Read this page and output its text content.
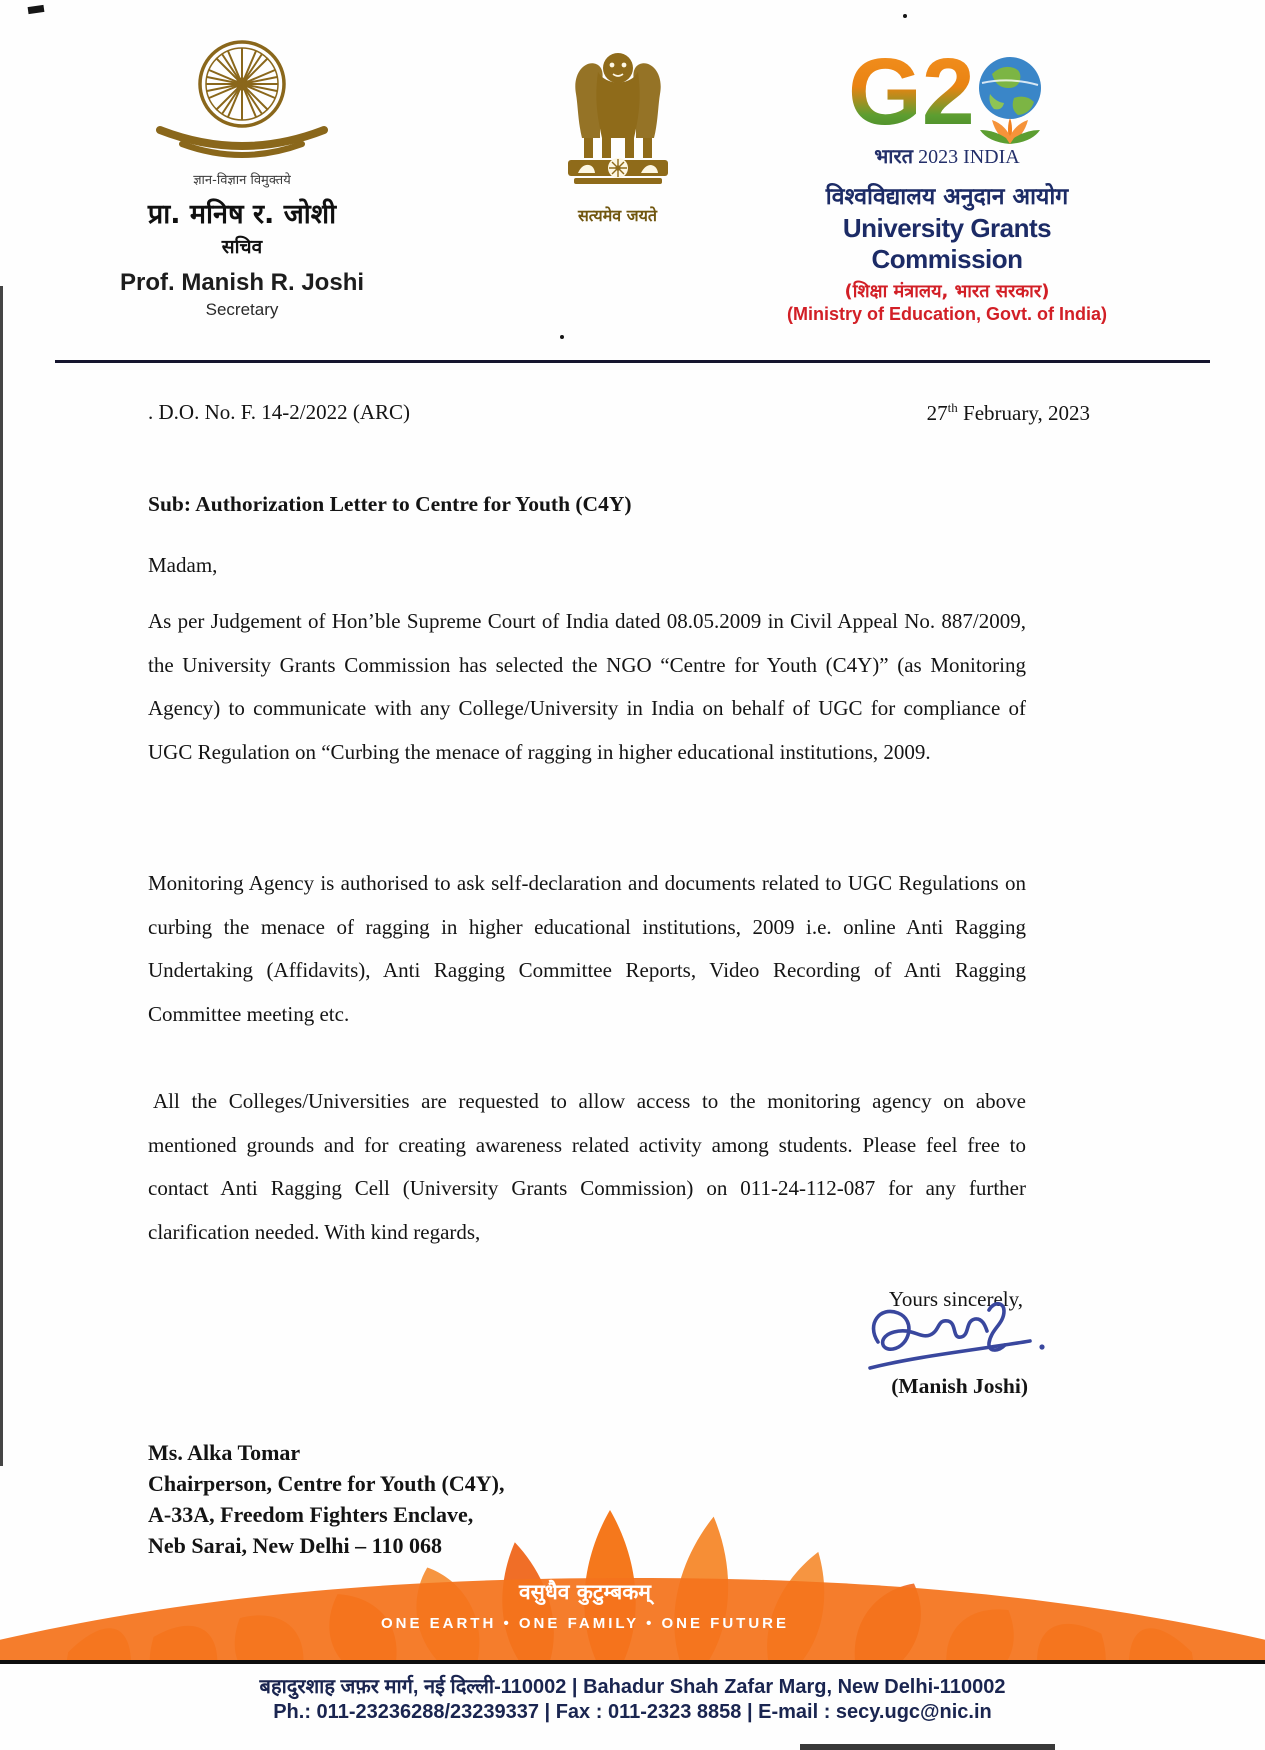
ज्ञान-विज्ञान विमुक्तये
प्रा. मनिष र. जोशी
सचिव
Prof. Manish R. Joshi
Secretary
सत्यमेव जयते
G2
भारत 2023 INDIA
विश्वविद्यालय अनुदान आयोग
University Grants Commission
(शिक्षा मंत्रालय, भारत सरकार)
(Ministry of Education, Govt. of India)
. D.O. No. F. 14-2/2022 (ARC)	27th February, 2023
Sub: Authorization Letter to Centre for Youth (C4Y)
Madam,

As per Judgement of Hon’ble Supreme Court of India dated 08.05.2009 in Civil Appeal No. 887/2009, the University Grants Commission has selected the NGO “Centre for Youth (C4Y)” (as Monitoring Agency) to communicate with any College/University in India on behalf of UGC for compliance of UGC Regulation on “Curbing the menace of ragging in higher educational institutions, 2009.

Monitoring Agency is authorised to ask self-declaration and documents related to UGC Regulations on curbing the menace of ragging in higher educational institutions, 2009 i.e. online Anti Ragging Undertaking (Affidavits), Anti Ragging Committee Reports, Video Recording of Anti Ragging Committee meeting etc.

All the Colleges/Universities are requested to allow access to the monitoring agency on above mentioned grounds and for creating awareness related activity among students. Please feel free to contact Anti Ragging Cell (University Grants Commission) on 011-24-112-087 for any further clarification needed. With kind regards,

Yours sincerely,
(Manish Joshi)
Ms. Alka Tomar
Chairperson, Centre for Youth (C4Y),
A-33A, Freedom Fighters Enclave,
Neb Sarai, New Delhi – 110 068
वसुधैव कुटुम्बकम्
ONE EARTH • ONE FAMILY • ONE FUTURE
बहादुरशाह जफ़र मार्ग, नई दिल्ली-110002 | Bahadur Shah Zafar Marg, New Delhi-110002
Ph.: 011-23236288/23239337 | Fax : 011-2323 8858 | E-mail : secy.ugc@nic.in
